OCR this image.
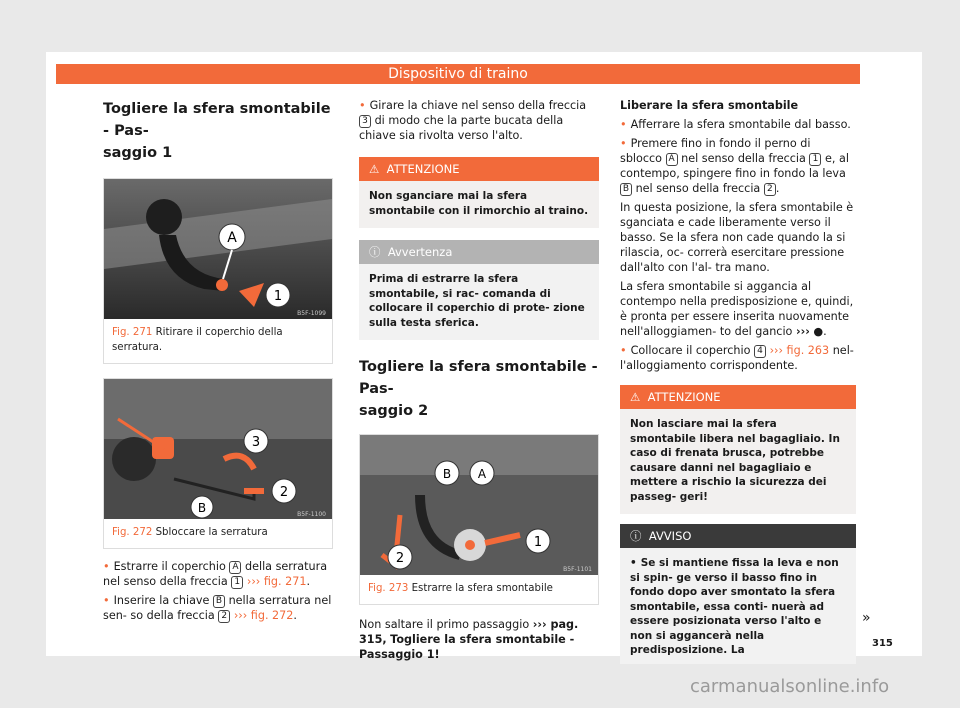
Dispositivo di traino
Togliere la sfera smontabile - Pas-
saggio 1
A
1
B5F-1099
Fig. 271 Ritirare il coperchio della serratura.
3
2
B	B5F-1100
Fig. 272 Sbloccare la serratura

• Estrarre il coperchio A della serratura nel senso della freccia 1 ››› fig. 271.

• Inserire la chiave B nella serratura nel sen- so della freccia 2 ››› fig. 272.

• Girare la chiave nel senso della freccia 3 di modo che la parte bucata della chiave sia rivolta verso l'alto.

⚠ ATTENZIONE
Non sganciare mai la sfera smontabile con il rimorchio al traino.
ⓘ Avvertenza
Prima di estrarre la sfera smontabile, si rac- comanda di collocare il coperchio di prote- zione sulla testa sferica.
Togliere la sfera smontabile - Pas-
saggio 2
B A
2
1
B5F-1101
Fig. 273 Estrarre la sfera smontabile

Non saltare il primo passaggio ››› pag. 315, Togliere la sfera smontabile - Passaggio 1!

Liberare la sfera smontabile

• Afferrare la sfera smontabile dal basso.

• Premere fino in fondo il perno di sblocco A nel senso della freccia 1 e, al contempo, spingere fino in fondo la leva B nel senso della freccia 2 .

In questa posizione, la sfera smontabile è sganciata e cade liberamente verso il basso. Se la sfera non cade quando la si rilascia, oc- correrà esercitare pressione dall'alto con l'al- tra mano.

La sfera smontabile si aggancia al contempo nella predisposizione e, quindi, è pronta per essere inserita nuovamente nell'alloggiamen- to del gancio ››› ●.

• Collocare il coperchio 4 ››› fig. 263 nel- l'alloggiamento corrispondente.

⚠ ATTENZIONE
Non lasciare mai la sfera smontabile libera nel bagagliaio. In caso di frenata brusca, potrebbe causare danni nel bagagliaio e mettere a rischio la sicurezza dei passeg- geri!
ⓘ AVVISO
• Se si mantiene fissa la leva e non si spin- ge verso il basso fino in fondo dopo aver smontato la sfera smontabile, essa conti- nuerà ad essere posizionata verso l'alto e non si aggancerà nella predisposizione. La
»
315
carmanualsonline.info
